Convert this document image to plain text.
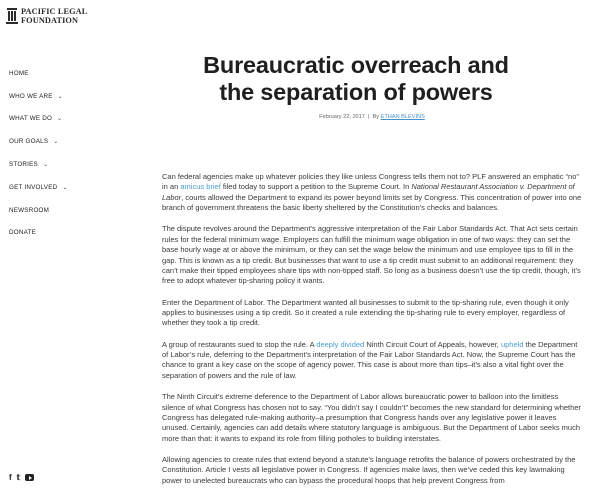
PACIFIC LEGAL
FOUNDATION
HOME
WHO WE ARE ⌄
WHAT WE DO ⌄
OUR GOALS ⌄
STORIES ⌄
GET INVOLVED ⌄
NEWSROOM
DONATE
f 𝕥
Bureaucratic overreach and the separation of powers
February 22, 2017 | By ETHAN BLEVINS

Can federal agencies make up whatever policies they like unless Congress tells them not to? PLF answered an emphatic “no” in an amicus brief filed today to support a petition to the Supreme Court. In National Restaurant Association v. Department of Labor, courts allowed the Department to expand its power beyond limits set by Congress. This concentration of power into one branch of government threatens the basic liberty sheltered by the Constitution’s checks and balances.

The dispute revolves around the Department’s aggressive interpretation of the Fair Labor Standards Act. That Act sets certain rules for the federal minimum wage. Employers can fulfill the minimum wage obligation in one of two ways: they can set the base hourly wage at or above the minimum, or they can set the wage below the minimum and use employee tips to fill in the gap. This is known as a tip credit. But businesses that want to use a tip credit must submit to an additional requirement: they can’t make their tipped employees share tips with non-tipped staff. So long as a business doesn’t use the tip credit, though, it’s free to adopt whatever tip-sharing policy it wants.

Enter the Department of Labor. The Department wanted all businesses to submit to the tip-sharing rule, even though it only applies to businesses using a tip credit. So it created a rule extending the tip-sharing rule to every employer, regardless of whether they took a tip credit.

A group of restaurants sued to stop the rule. A deeply divided Ninth Circuit Court of Appeals, however, upheld the Department of Labor’s rule, deferring to the Department’s interpretation of the Fair Labor Standards Act. Now, the Supreme Court has the chance to grant a key case on the scope of agency power. This case is about more than tips–it’s also a vital fight over the separation of powers and the rule of law.

The Ninth Circuit’s extreme deference to the Department of Labor allows bureaucratic power to balloon into the limitless silence of what Congress has chosen not to say. “You didn’t say I couldn’t” becomes the new standard for determining whether Congress has delegated rule-making authority–a presumption that Congress hands over any legislative power it leaves unused. Certainly, agencies can add details where statutory language is ambiguous. But the Department of Labor seeks much more than that: it wants to expand its role from filling potholes to building interstates.

Allowing agencies to create rules that extend beyond a statute’s language retrofits the balance of powers orchestrated by the Constitution. Article I vests all legislative power in Congress. If agencies make laws, then we’ve ceded this key lawmaking power to unelected bureaucrats who can bypass the procedural hoops that help prevent Congress from
